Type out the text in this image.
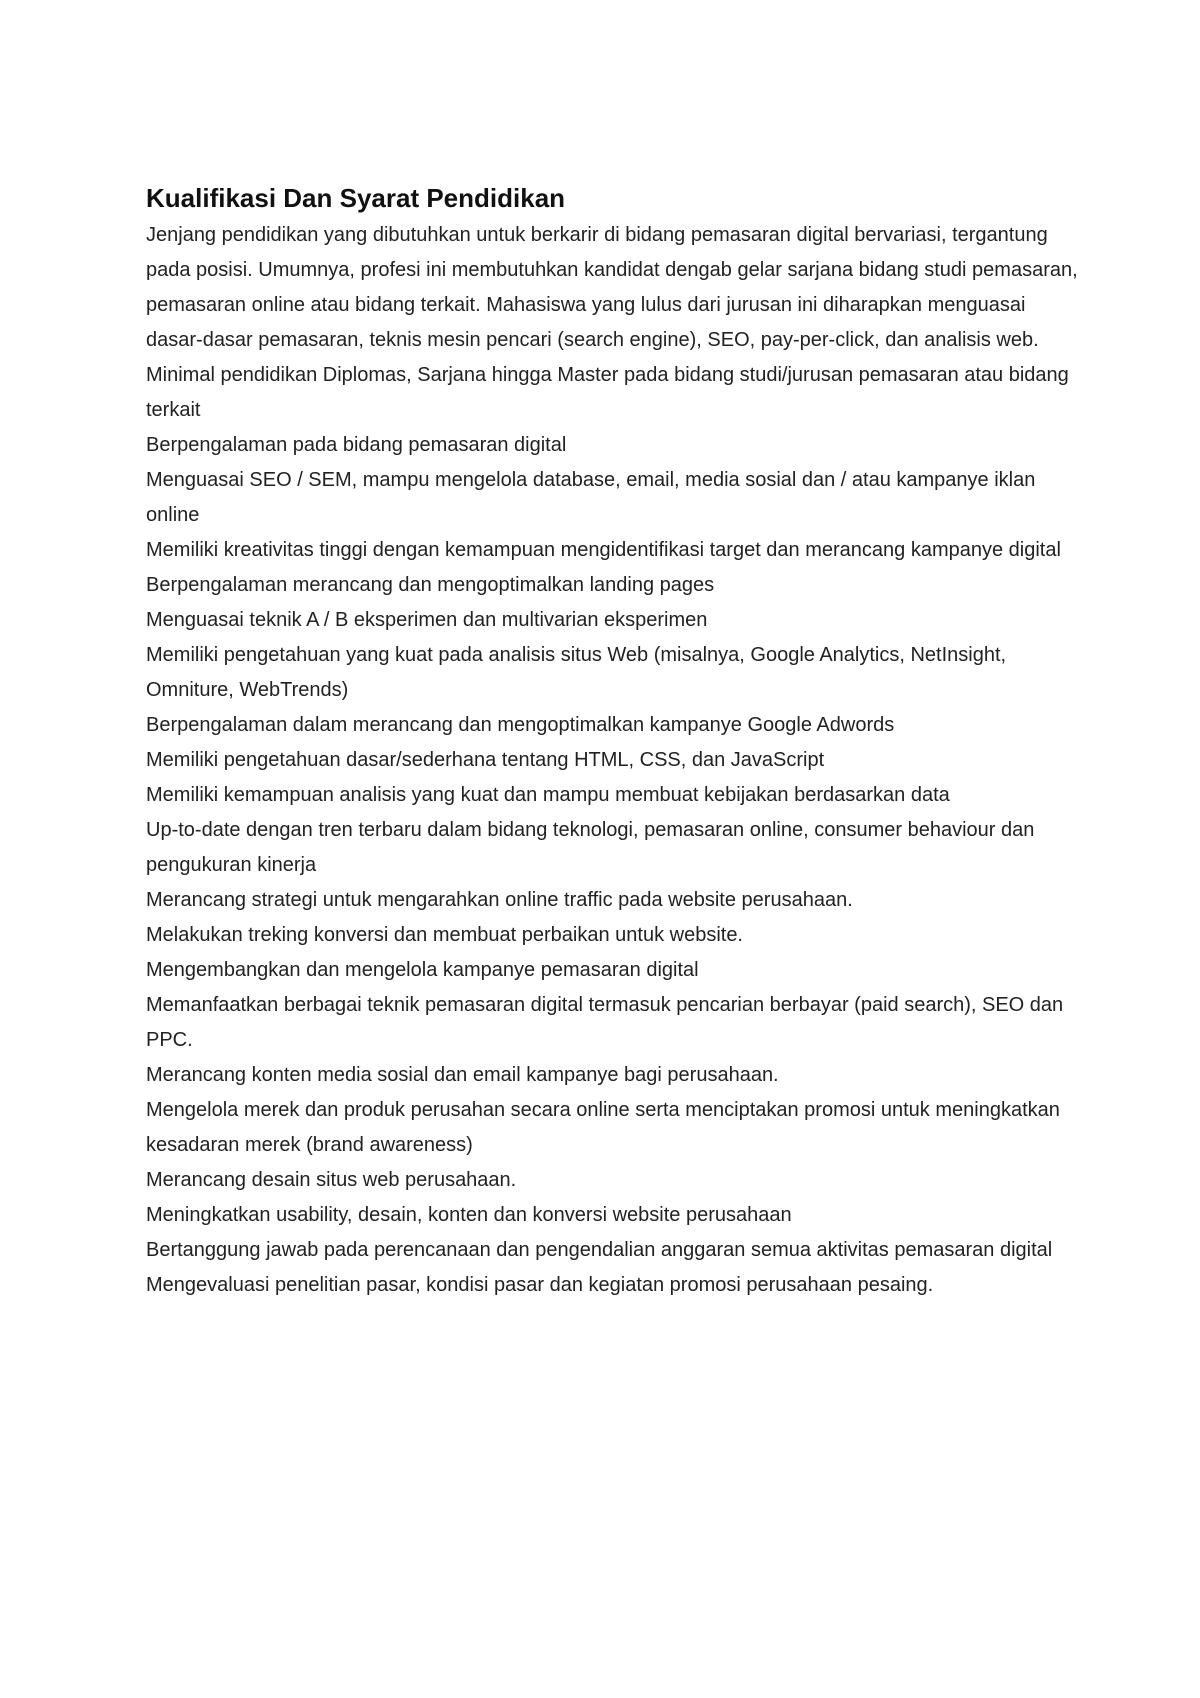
Kualifikasi Dan Syarat Pendidikan

Jenjang pendidikan yang dibutuhkan untuk berkarir di bidang pemasaran digital bervariasi, tergantung pada posisi. Umumnya, profesi ini membutuhkan kandidat dengab gelar sarjana bidang studi pemasaran, pemasaran online atau bidang terkait. Mahasiswa yang lulus dari jurusan ini diharapkan menguasai dasar-dasar pemasaran, teknis mesin pencari (search engine), SEO, pay-per-click, dan analisis web.

Minimal pendidikan Diplomas, Sarjana hingga Master pada bidang studi/jurusan pemasaran atau bidang terkait

Berpengalaman pada bidang pemasaran digital

Menguasai SEO / SEM, mampu mengelola database, email, media sosial dan / atau kampanye iklan online

Memiliki kreativitas tinggi dengan kemampuan mengidentifikasi target dan merancang kampanye digital

Berpengalaman merancang dan mengoptimalkan landing pages

Menguasai teknik A / B eksperimen dan multivarian eksperimen

Memiliki pengetahuan yang kuat pada analisis situs Web (misalnya, Google Analytics, NetInsight, Omniture, WebTrends)

Berpengalaman dalam merancang dan mengoptimalkan kampanye Google Adwords

Memiliki pengetahuan dasar/sederhana tentang HTML, CSS, dan JavaScript

Memiliki kemampuan analisis yang kuat dan mampu membuat kebijakan berdasarkan data

Up-to-date dengan tren terbaru dalam bidang teknologi, pemasaran online, consumer behaviour dan pengukuran kinerja

Merancang strategi untuk mengarahkan online traffic pada website perusahaan.

Melakukan treking konversi dan membuat perbaikan untuk website.

Mengembangkan dan mengelola kampanye pemasaran digital

Memanfaatkan berbagai teknik pemasaran digital termasuk pencarian berbayar (paid search), SEO dan PPC.

Merancang konten media sosial dan email kampanye bagi perusahaan.

Mengelola merek dan produk perusahan secara online serta menciptakan promosi untuk meningkatkan kesadaran merek (brand awareness)

Merancang desain situs web perusahaan.

Meningkatkan usability, desain, konten dan konversi website perusahaan

Bertanggung jawab pada perencanaan dan pengendalian anggaran semua aktivitas pemasaran digital

Mengevaluasi penelitian pasar, kondisi pasar dan kegiatan promosi perusahaan pesaing.
